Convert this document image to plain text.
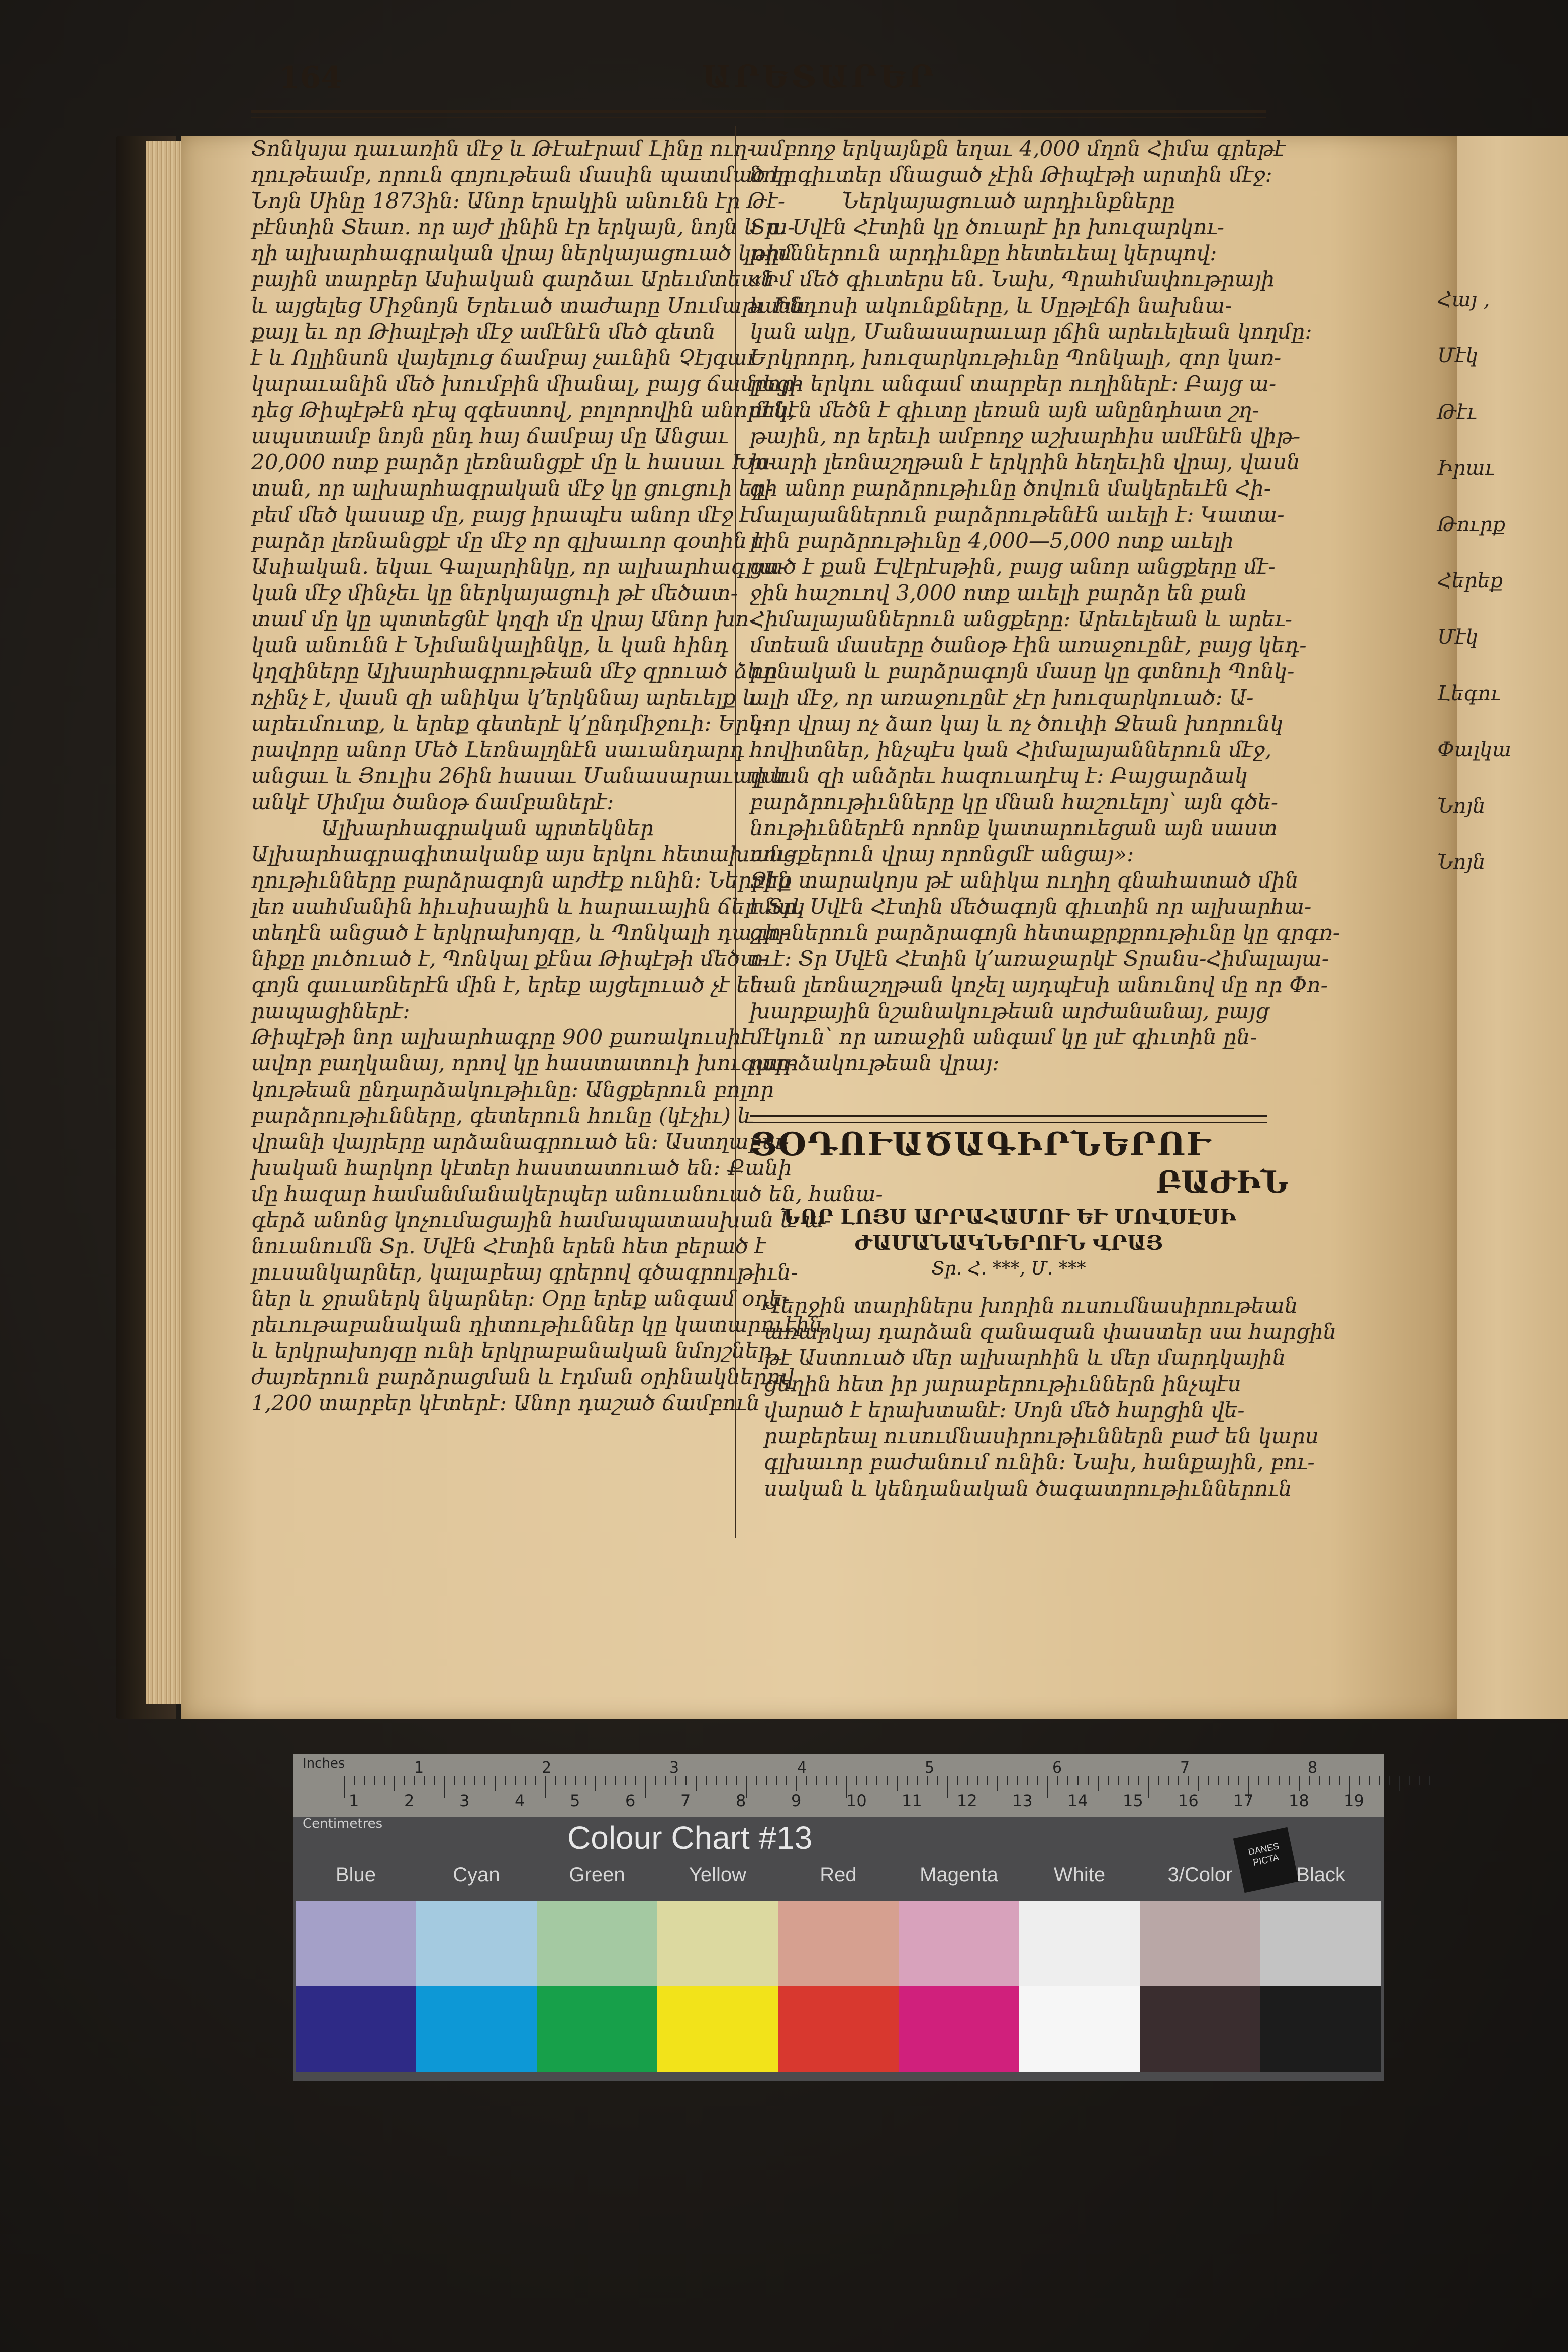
164	ԱՐԵՏԱՐԵՐ
Տոնկսյա դաւառին մէջ և Թէաէրամ Լինը ուղ-
ղութեամբ, որուն գոյութեան մասին պատմած էր
Նոյն Սինը 1873ին։ Անոր երակին անունն էր Թէ-
բէնտին Տեառ. որ այժ լինին էր երկայն, նոյն և ա-
ղի ալխարհագրական վրայ ներկայացուած կողմ
բային տարբեր Ասիական գարձաւ Արեւմտեան
և այցելեց Միջնոյն Երեւած տաժարը Սումաթանն
քայլ եւ որ Թիալէթի մէջ ամէնէն մեծ գետն
է և Ոլլինսոն վայելուց ճամբայ չաւնին Չէյգաւ
կարաւանին մեծ խումբին միանալ, բայց ճամբոր-
դեց Թիպէթէն դէպ զգեստով, բոլորովին անորոկ,
ապստամբ նոյն ընդ հայ ճամբայ մը Անցաւ
20,000 ոտք բարձր լեռնանցքէ մը և հասաւ Խո-
տան, որ ալխարհագրական մէջ կը ցուցուի եր-
բեմ մեծ կասաք մը, բայց իրապէս անոր մէջ է
բարձր լեռնանցքէ մը մէջ որ գլխաւոր գօտին է
Ասիական. եկաւ Գալարինկը, որ ալխարհագրա-
կան մէջ մինչեւ կը ներկայացուի թէ մեծատ-
տամ մը կը պտտեցնէ կղզի մը վրայ Անոր խո-
կան անունն է Նիմանկալինկը, և կան հինդ
կղզիները Ալխարհագրութեան մէջ զրուած ձևը
ոչինչ է, վասն զի անիկա կ՚երկննայ արեւելք և
արեւմուտք, և երեք գետերէ կ՚ընդմիջուի։ Երկ-
րավորը անոր Մեծ Լեռնալղնէն սաւանդարդ
անցաւ և Յուլիս 26ին հասաւ Մանասարաւար և
անկէ Սիմլա ծանօթ ճամբաներէ։
Ալխարհագրական պրտեկներ
Ալխարհագրագիտականք այս երկու հետախոու-
ղութիւնները բարձրագոյն արժէք ունին։ Ներբին
լեռ սահմանին հիւսիսային և հարաւային ճերմակ
տեղէն անցած է երկրախոյզը, և Պոնկալի դաշտ-
նիքը լուծուած է, Պոնկալ քէնա Թիպէթի մեծա-
գոյն գաւառներէն մին է, երեք այցելուած չէ են-
րապացիներէ։
Թիպէթի նոր ալխարհագրը 900 քառակուսիէ
ավոր բաղկանայ, որով կը հաստատուի խուզար-
կութեան ընդարձակութիւնը։ Անցքերուն բոլոր
բարձրութիւնները, գետերուն հունը (կէչիւ) և
վրանի վայրերը արձանագրուած են։ Աստղաբա-
խական հարկոր կէտեր հաստատուած են։ Քանի
մը հազար համանմանակերպեր անուանուած են, հանա-
գերձ անոնց կոչումացային համապատասխան և ա-
նուանումն Տր. Սվէն Հէտին երեն հետ բերած է
լուսանկարներ, կալաբեայ գրերով գծագրութիւն-
ներ և ջրաներկ նկարներ։ Օրը երեք անգամ օդե-
րեւութաբանական դիտութիւններ կը կատարուէին,
և երկրախոյզը ունի երկրաբանական նմոյշներ,
ժայռերուն բարձրացման և էդման օրինակներով
1,200 տարբեր կէտերէ։ Անոր դաշած ճամբուն
ամբողջ երկայնքն եղաւ 4,000 մղոն Հիմա գրեթէ
նոր գիւտեր մնացած չէին Թիպէթի արտին մէջ։
Ներկայացուած արդիւնքները
Տր. Սվէն Հէտին կը ծուարէ իր խուզարկու-
թիւններուն արդիւնքը հետեւեալ կերպով։
«Իմ մեծ գիւտերս են. Նախ, Պրահմափութրայի
և Ինդոսի ակունքները, և Սըթլէճի նախնա-
կան ակը, Մանասարաւար լճին արեւելեան կողմը։
Երկրորդ, խուզարկութիւնը Պոնկալի, զոր կառ-
րեցի երկու անգամ տարբեր ուղիներէ։ Բայց ա-
մէնէն մեծն է գիւտը լեռան այն անընդհատ շղ-
թային, որ երեւի ամբողջ աշխարհիս ամէնէն վիթ-
խարի լեռնաշղթան է երկրին հեղեւին վրայ, վասն
զի անոր բարձրութիւնը ծովուն մակերեւէն Հի-
մալայաններուն բարձրութենէն աւելի է։ Կատա-
րին բարձրութիւնը 4,000—5,000 ոտք աւելի
ցած է քան Էվէրէսթին, բայց անոր անցքերը մէ-
ջին հաշուով 3,000 ոտք աւելի բարձր են քան
Հիմալայաններուն անցքերը։ Արեւելեան և արեւ-
մտեան մասերը ծանօթ էին առաջուընէ, բայց կեդ-
րոնական և բարձրագոյն մասը կը գտնուի Պոնկ-
ալի մէջ, որ առաջուընէ չէր խուզարկուած։ Ա-
նոր վրայ ոչ ձառ կայ և ոչ ծուփի Ջեան խորունկ
հովիտներ, ինչպէս կան Հիմալայաններուն մէջ,
վասն զի անձրեւ հազուադէպ է։ Բայցարձակ
բարձրութիւնները կը մնան հաշուելոյ՝ այն գծե-
նութիւններէն որոնք կատարուեցան այն սաստ
անցքերուն վրայ որոնցմէ անցայ»։
Ջէք տարակոյս թէ անիկա ուղիղ գնահատած մին
է Տր. Սվէն Հէտին մեծագոյն գիւտին որ ալխարհա-
գիրներուն բարձրագոյն հետաքրքրութիւնը կը գրգռ-
ուէ։ Տր Սվէն Հէտին կ՚առաջարկէ Տրանս-Հիմալայա-
եան լեռնաշղթան կոչել այդպէսի անունով մը որ Փո-
խարքային նշանակութեան արժանանայ, բայց
մէկուն՝ որ առաջին անգամ կը լսէ գիւտին ըն-
դարձակութեան վրայ։
ՅՕԴՈՒԱԾԱԳԻՐՆԵՐՈՒ
ԲԱԺԻՆ
ՆՈՐ ԼՈՅՍ ԱՐՐԱՀԱՄՈՒ ԵՒ ՄՈՎՍԷՍԻ
ԺԱՄԱՆԱԿՆԵՐՈՒՆ ՎՐԱՅ
Տր. Հ. ***, Մ. ***
Վերջին տարիներս խորին ուսումնասիրութեան
առարկայ դարձան զանազան փաստեր սա հարցին
թէ Աստուած մեր ալխարհին և մեր մարդկային
ցեղին հետ իր յարաբերութիւններն ինչպէս
վարած է երախտանէ։ Սոյն մեծ հարցին վե-
րաբերեալ ուսումնասիրութիւններն բաժ են կարս
գլխաւոր բաժանում ունին։ Նախ, հանքային, բու-
սական և կենդանական ծագատրութիւններուն
Հայ ,
Մէկ
Թէւ
Իրաւ
Թուրք
Հերեք
Մէկ
Լեգու
Փալկա
Նոյն
Նոյն
Inches
Centimetres
1	2	3	4	5	6	7	8
1	2	3	4	5	6	7	8	9	10 11 12 13 14 15 16 17 18 19
Colour Chart #13	DANES PICTA
Blue	Cyan	Green	Yellow	Red	Magenta	White	3/Color	Black
